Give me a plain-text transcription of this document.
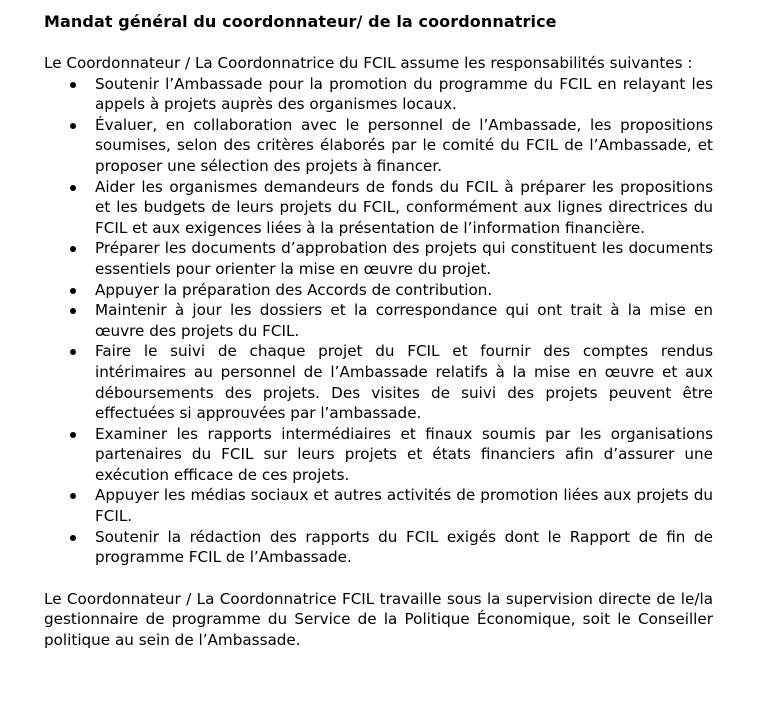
Mandat général du coordonnateur/ de la coordonnatrice

Le Coordonnateur / La Coordonnatrice du FCIL assume les responsabilités suivantes :

Soutenir l’Ambassade pour la promotion du programme du FCIL en relayant les appels à projets auprès des organismes locaux.
Évaluer, en collaboration avec le personnel de l’Ambassade, les propositions soumises, selon des critères élaborés par le comité du FCIL de l’Ambassade, et proposer une sélection des projets à financer.
Aider les organismes demandeurs de fonds du FCIL à préparer les propositions et les budgets de leurs projets du FCIL, conformément aux lignes directrices du FCIL et aux exigences liées à la présentation de l’information financière.
Préparer les documents d’approbation des projets qui constituent les documents essentiels pour orienter la mise en œuvre du projet.
Appuyer la préparation des Accords de contribution.
Maintenir à jour les dossiers et la correspondance qui ont trait à la mise en œuvre des projets du FCIL.
Faire le suivi de chaque projet du FCIL et fournir des comptes rendus intérimaires au personnel de l’Ambassade relatifs à la mise en œuvre et aux déboursements des projets. Des visites de suivi des projets peuvent être effectuées si approuvées par l’ambassade.
Examiner les rapports intermédiaires et finaux soumis par les organisations partenaires du FCIL sur leurs projets et états financiers afin d’assurer une exécution efficace de ces projets.
Appuyer les médias sociaux et autres activités de promotion liées aux projets du FCIL.
Soutenir la rédaction des rapports du FCIL exigés dont le Rapport de fin de programme FCIL de l’Ambassade.

Le Coordonnateur / La Coordonnatrice FCIL travaille sous la supervision directe de le/la gestionnaire de programme du Service de la Politique Économique, soit le Conseiller politique au sein de l’Ambassade.
